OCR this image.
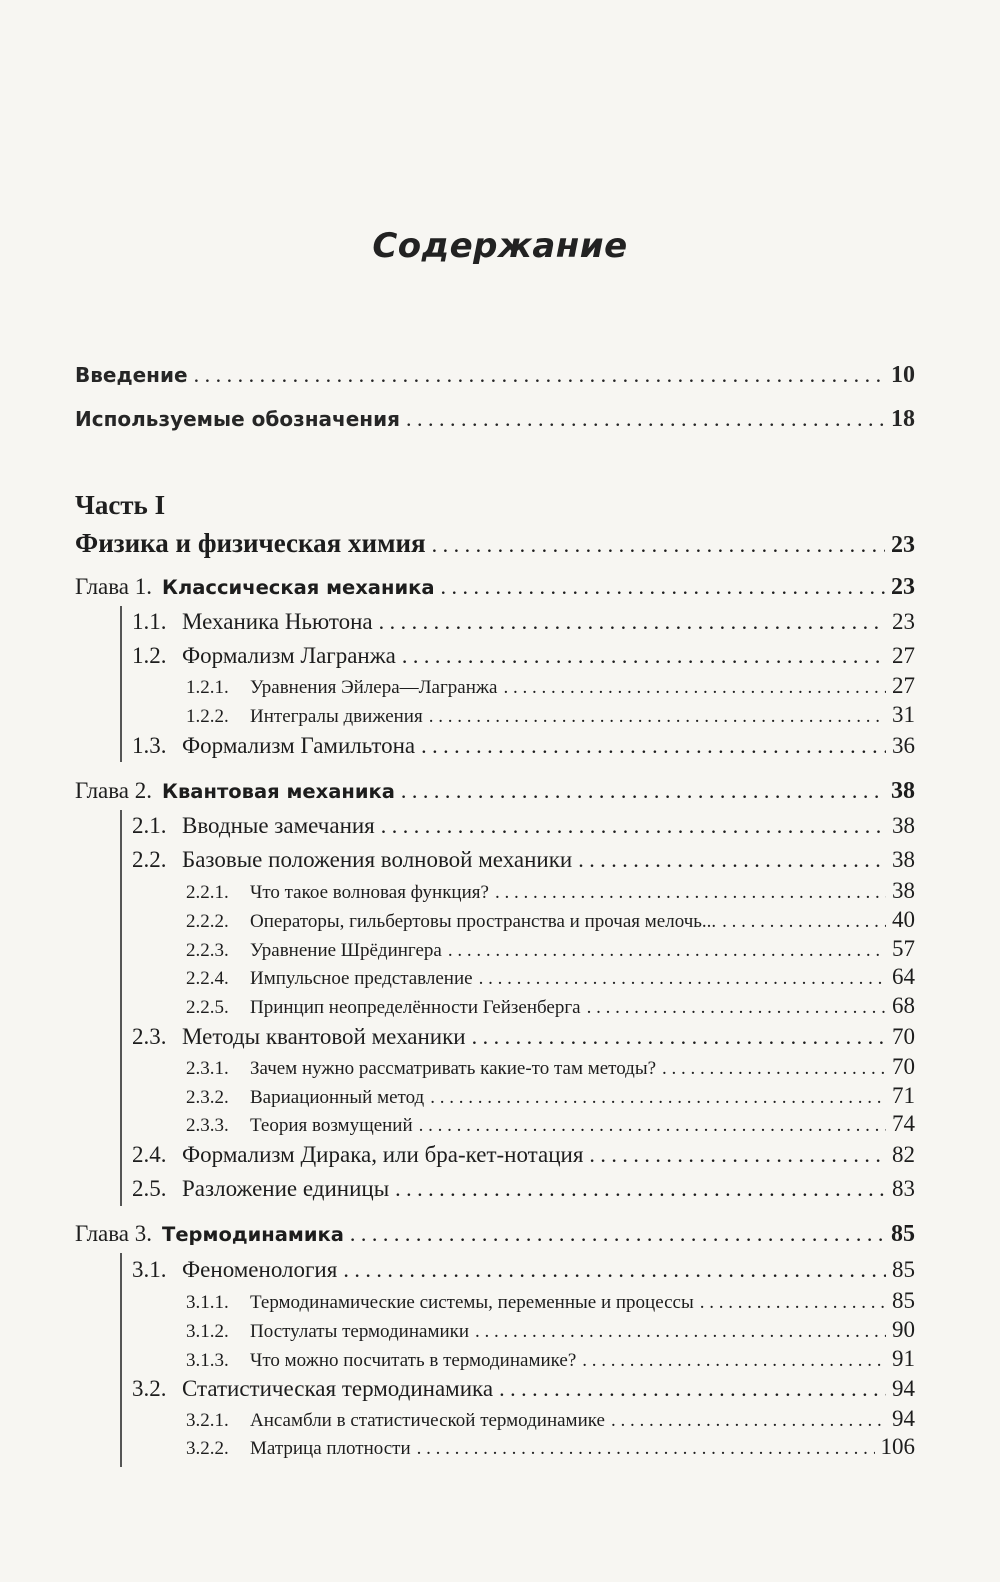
Содержание
Введение . . .	10
Используемые обозначения . . .	18
Часть I
Физика и физическая химия . . .	23
Глава 1. Классическая механика . . .	23
1.1. Механика Ньютона . . .	23
1.2. Формализм Лагранжа . . .	27
1.2.1.	Уравнения Эйлера—Лагранжа . . .	27
1.2.2.	Интегралы движения . . .	31
1.3. Формализм Гамильтона . . .	36
Глава 2. Квантовая механика . . .	38
2.1. Вводные замечания . . .	38
2.2. Базовые положения волновой механики . . .	38
2.2.1.	Что такое волновая функция? . . .	38
2.2.2.	Операторы, гильбертовы пространства и прочая мелочь... . . .	40
2.2.3.	Уравнение Шрёдингера . . .	57
2.2.4.	Импульсное представление . . .	64
2.2.5.	Принцип неопределённости Гейзенберга . . .	68
2.3. Методы квантовой механики . . .	70
2.3.1.	Зачем нужно рассматривать какие-то там методы? . . .	70
2.3.2.	Вариационный метод . . .	71
2.3.3.	Теория возмущений . . .	74
2.4. Формализм Дирака, или бра-кет-нотация . . .	82
2.5. Разложение единицы . . .	83
Глава 3. Термодинамика . . .	85
3.1. Феноменология . . .	85
3.1.1.	Термодинамические системы, переменные и процессы . . .	85
3.1.2.	Постулаты термодинамики . . .	90
3.1.3.	Что можно посчитать в термодинамике? . . .	91
3.2. Статистическая термодинамика . . .	94
3.2.1.	Ансамбли в статистической термодинамике . . .	94
3.2.2.	Матрица плотности . . .	106
